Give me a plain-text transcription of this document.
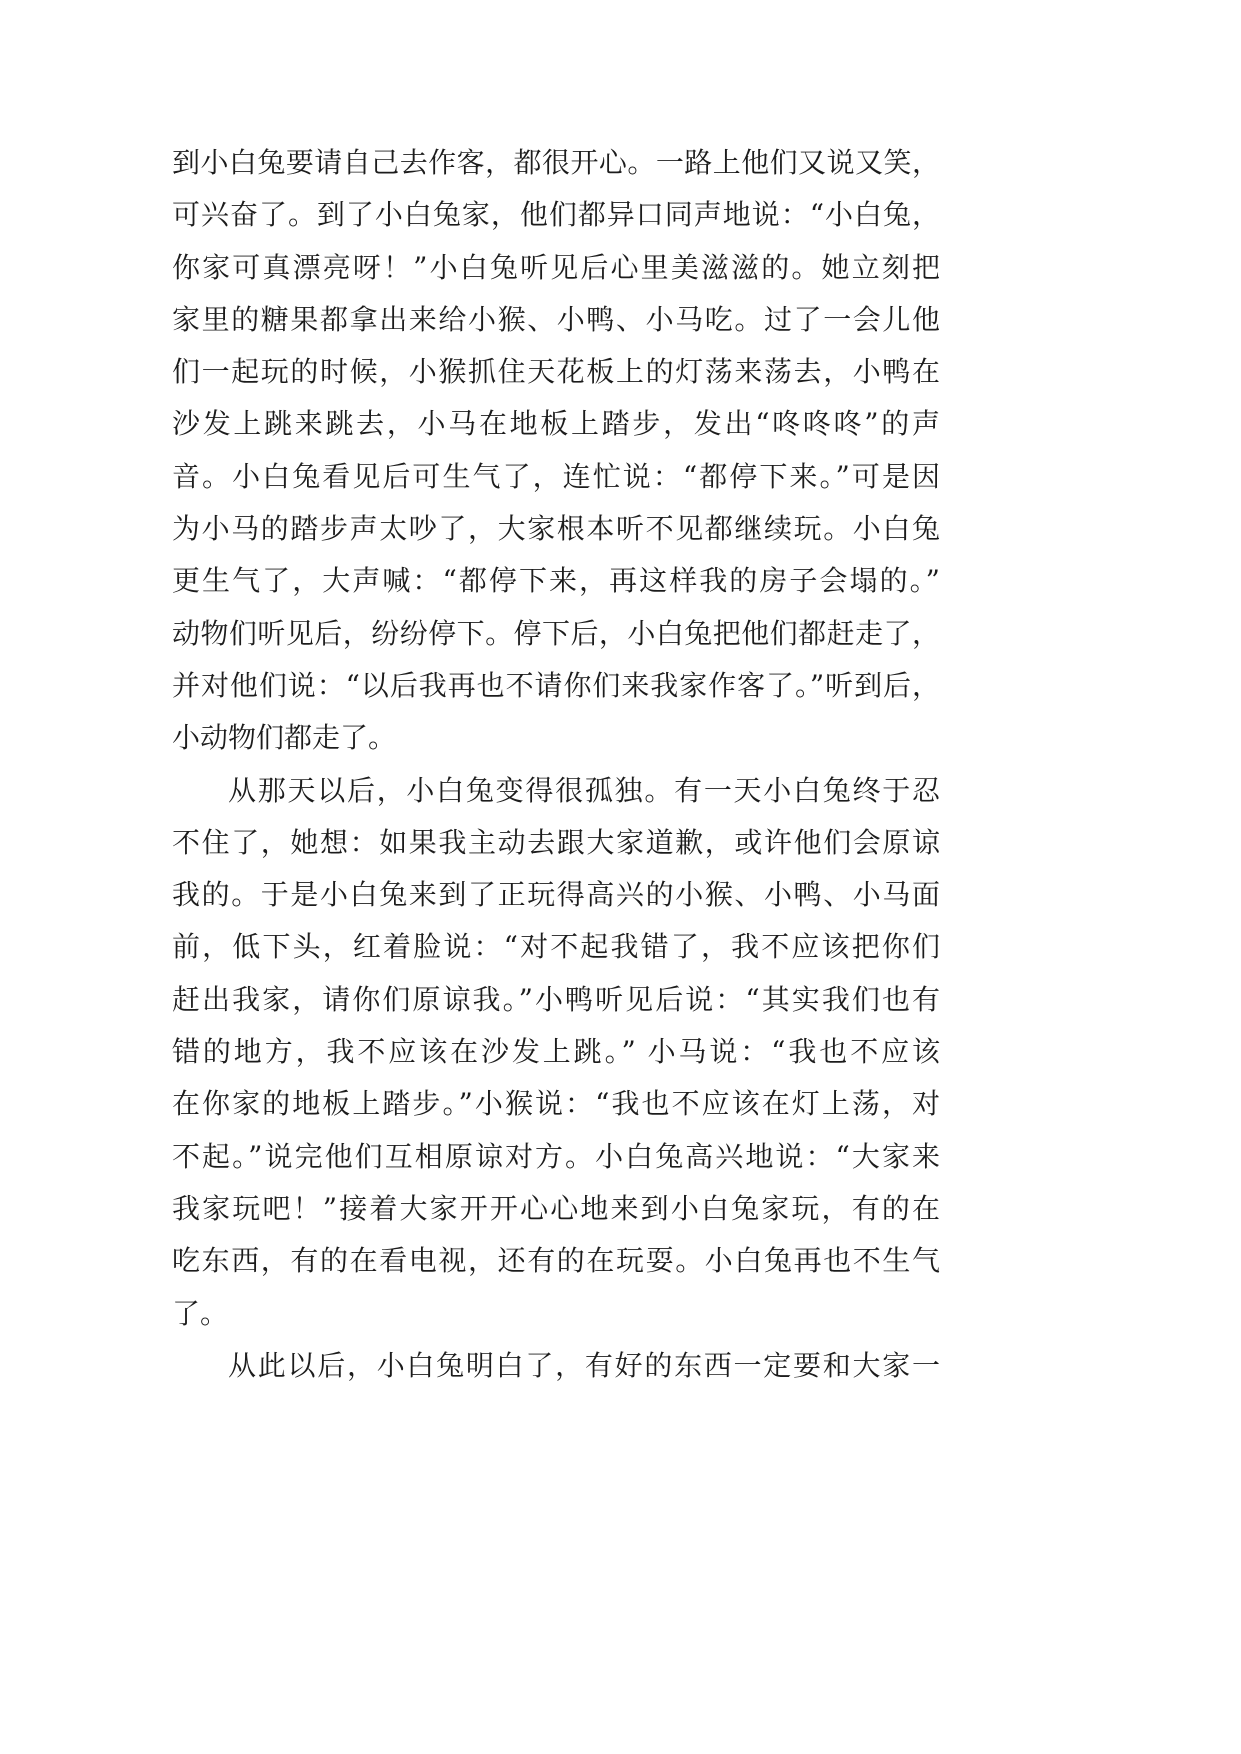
到小白兔要请自己去作客，都很开心。一路上他们又说又笑，
可兴奋了。到了小白兔家，他们都异口同声地说：“小白兔，
你家可真漂亮呀！”小白兔听见后心里美滋滋的。她立刻把
家里的糖果都拿出来给小猴、小鸭、小马吃。过了一会儿他
们一起玩的时候，小猴抓住天花板上的灯荡来荡去，小鸭在
沙发上跳来跳去，小马在地板上踏步，发出“咚咚咚”的声
音。小白兔看见后可生气了，连忙说：“都停下来。”可是因
为小马的踏步声太吵了，大家根本听不见都继续玩。小白兔
更生气了，大声喊：“都停下来，再这样我的房子会塌的。”
动物们听见后，纷纷停下。停下后，小白兔把他们都赶走了，
并对他们说：“以后我再也不请你们来我家作客了。”听到后，
小动物们都走了。
从那天以后，小白兔变得很孤独。有一天小白兔终于忍
不住了，她想：如果我主动去跟大家道歉，或许他们会原谅
我的。于是小白兔来到了正玩得高兴的小猴、小鸭、小马面
前，低下头，红着脸说：“对不起我错了，我不应该把你们
赶出我家，请你们原谅我。”小鸭听见后说：“其实我们也有
错的地方，我不应该在沙发上跳。” 小马说：“我也不应该
在你家的地板上踏步。”小猴说：“我也不应该在灯上荡，对
不起。”说完他们互相原谅对方。小白兔高兴地说：“大家来
我家玩吧！”接着大家开开心心地来到小白兔家玩，有的在
吃东西，有的在看电视，还有的在玩耍。小白兔再也不生气
了。
从此以后，小白兔明白了，有好的东西一定要和大家一
